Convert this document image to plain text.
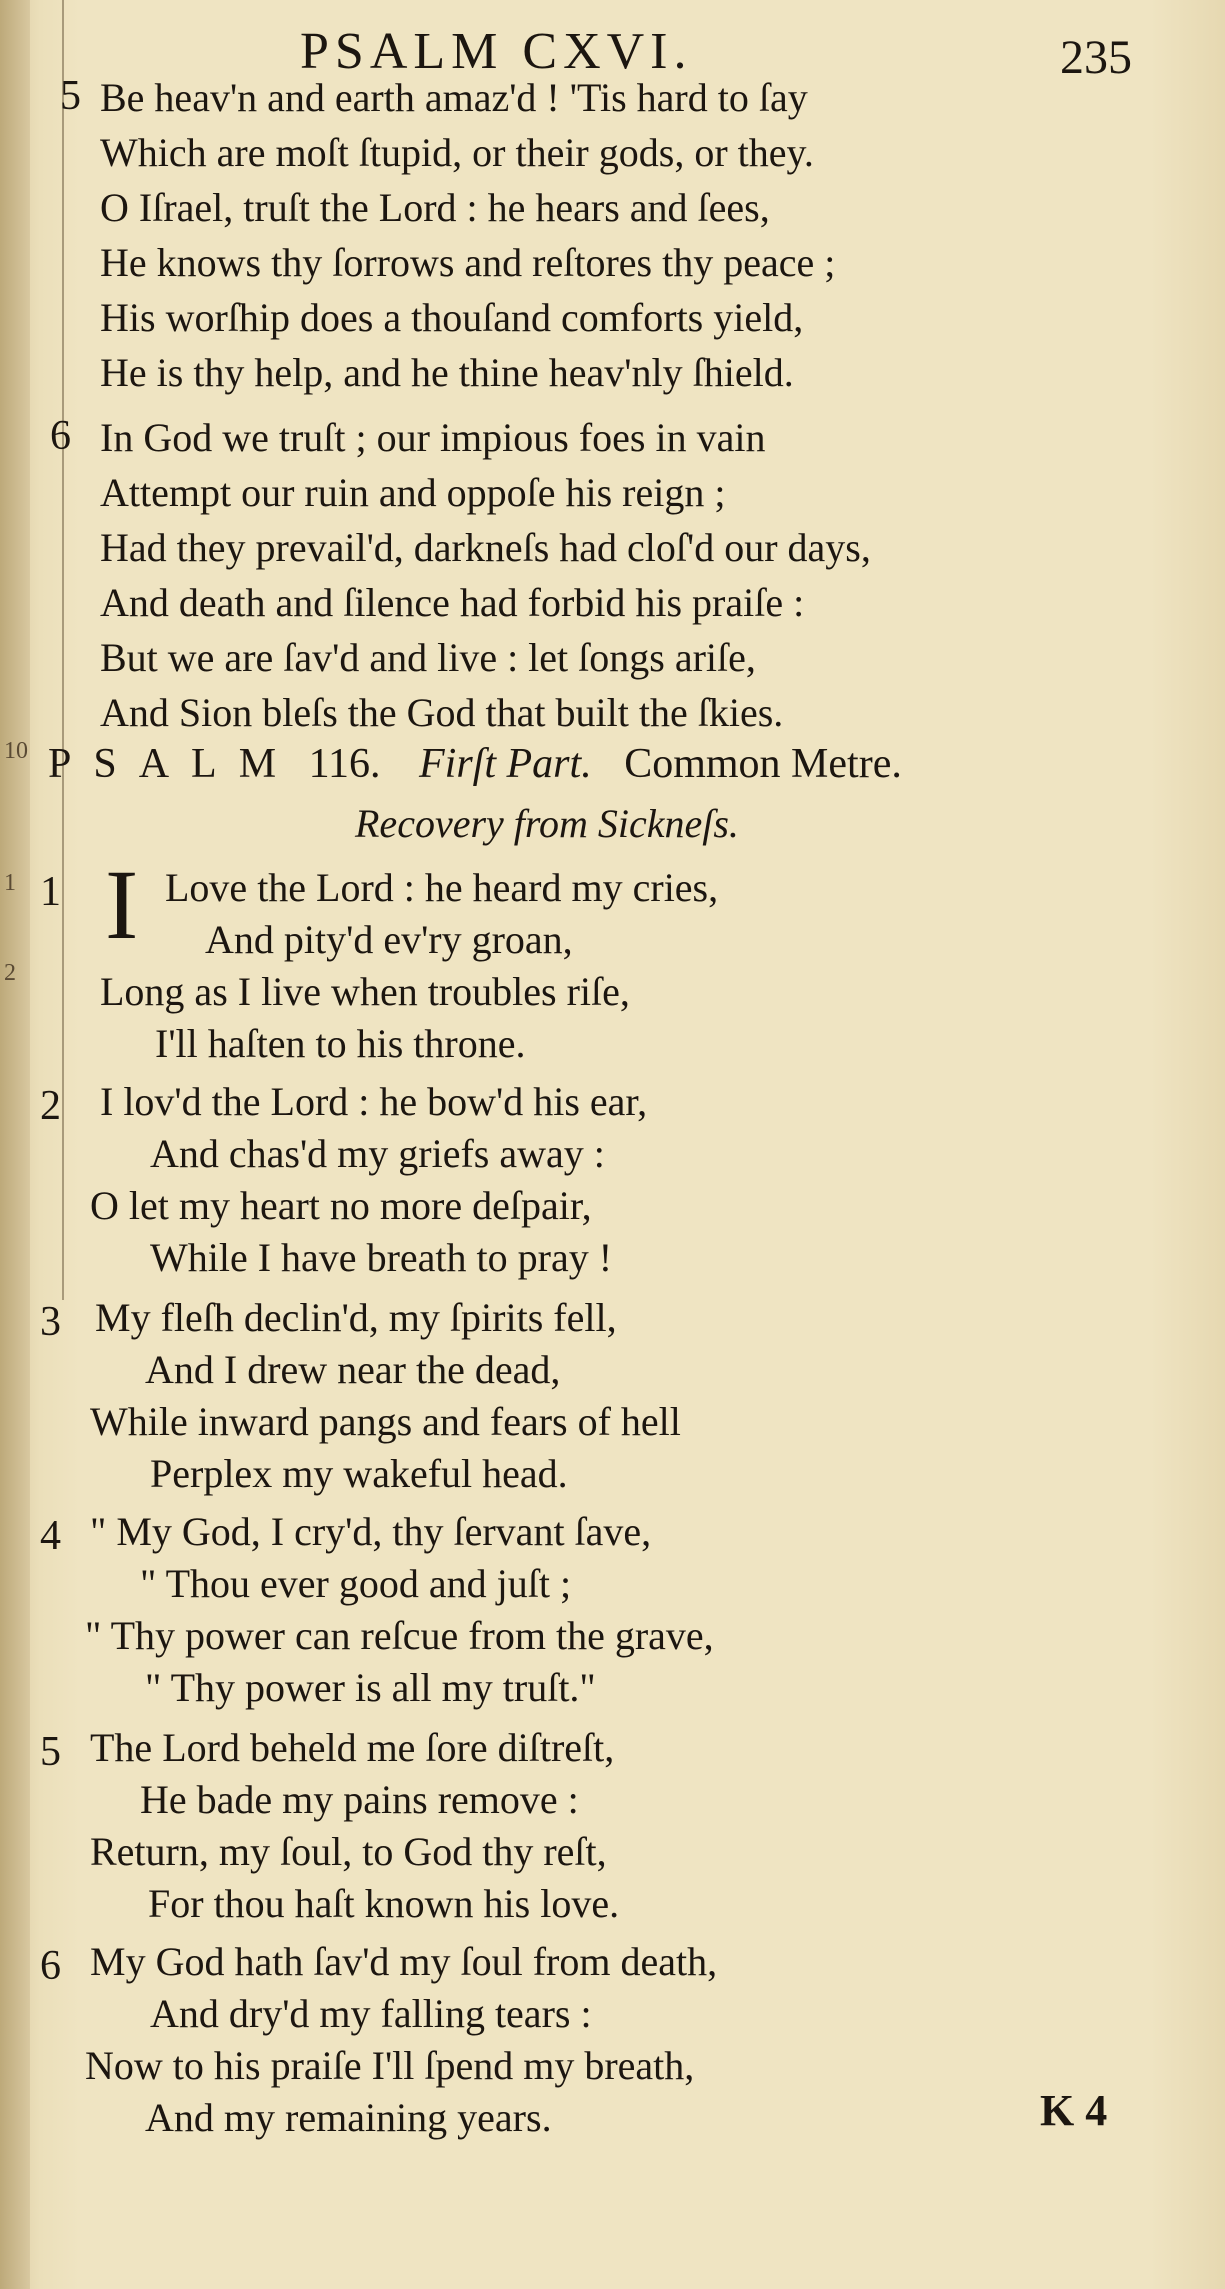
PSALM CXVI.	235
5 Be heav'n and earth amaz'd ! 'Tis hard to ſay
Which are moſt ſtupid, or their gods, or they.
O Iſrael, truſt the Lord : he hears and ſees,
He knows thy ſorrows and reſtores thy peace ;
His worſhip does a thouſand comforts yield,
He is thy help, and he thine heav'nly ſhield.
6 In God we truſt ; our impious foes in vain
Attempt our ruin and oppoſe his reign ;
Had they prevail'd, darkneſs had cloſ'd our days,
And death and ſilence had forbid his praiſe :
But we are ſav'd and live : let ſongs ariſe,
And Sion bleſs the God that built the ſkies.
PSALM 116. Firſt Part. Common Metre.
Recovery from Sickneſs.
1 I Love the Lord : he heard my cries,
And pity'd ev'ry groan,
Long as I live when troubles riſe,
I'll haſten to his throne.
2 I lov'd the Lord : he bow'd his ear,
And chas'd my griefs away :
O let my heart no more deſpair,
While I have breath to pray !
3 My fleſh declin'd, my ſpirits fell,
And I drew near the dead,
While inward pangs and fears of hell
Perplex my wakeful head.
4 " My God, I cry'd, thy ſervant ſave,
" Thou ever good and juſt ;
" Thy power can reſcue from the grave,
" Thy power is all my truſt."
5 The Lord beheld me ſore diſtreſt,
He bade my pains remove :
Return, my ſoul, to God thy reſt,
For thou haſt known his love.
6 My God hath ſav'd my ſoul from death,
And dry'd my falling tears :
Now to his praiſe I'll ſpend my breath,
And my remaining years.	K 4
10
1
2
